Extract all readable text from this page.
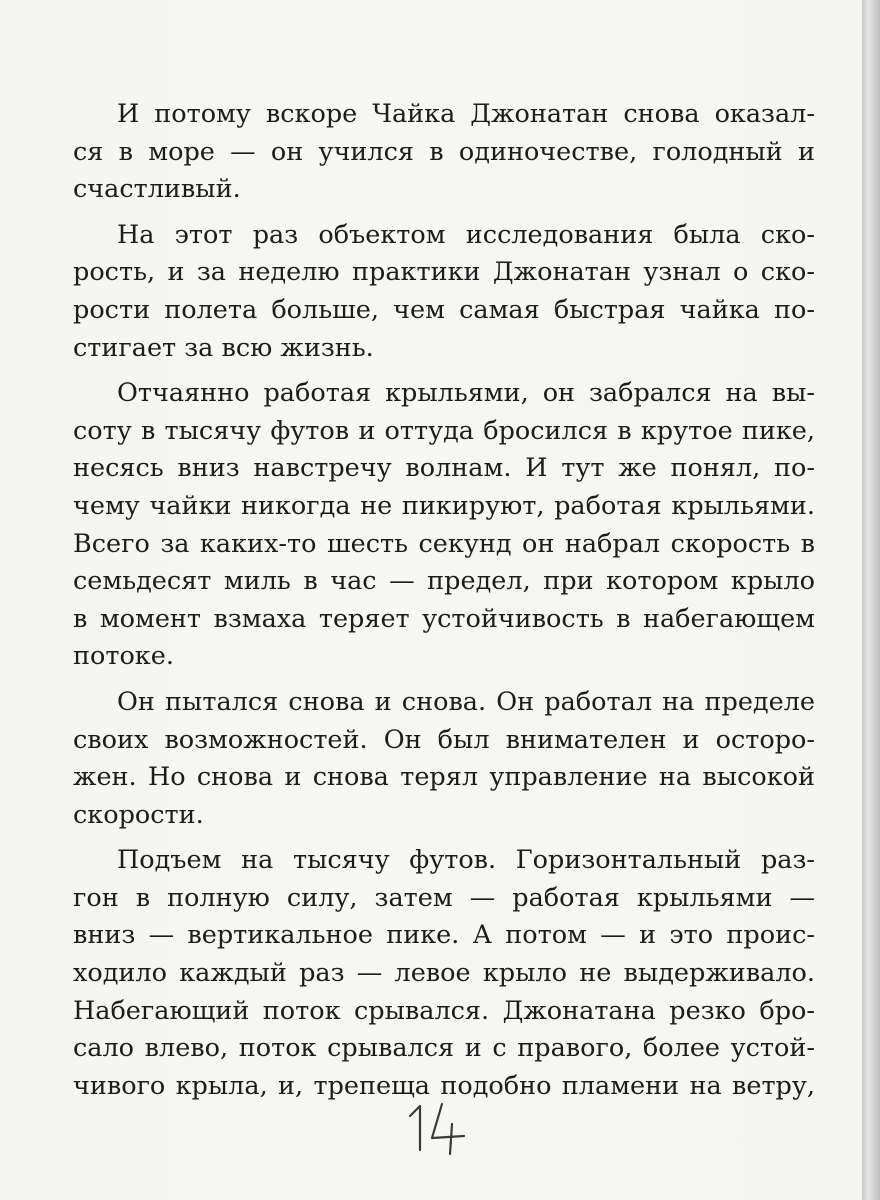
И потому вскоре Чайка Джонатан снова оказал-
ся в море — он учился в одиночестве, голодный и
счастливый.

На этот раз объектом исследования была ско-
рость, и за неделю практики Джонатан узнал о ско-
рости полета больше, чем самая быстрая чайка по-
стигает за всю жизнь.

Отчаянно работая крыльями, он забрался на вы-
соту в тысячу футов и оттуда бросился в крутое пике,
несясь вниз навстречу волнам. И тут же понял, по-
чему чайки никогда не пикируют, работая крыльями.
Всего за каких-то шесть секунд он набрал скорость в
семьдесят миль в час — предел, при котором крыло
в момент взмаха теряет устойчивость в набегающем
потоке.

Он пытался снова и снова. Он работал на пределе
своих возможностей. Он был внимателен и осторо-
жен. Но снова и снова терял управление на высокой
скорости.

Подъем на тысячу футов. Горизонтальный раз-
гон в полную силу, затем — работая крыльями —
вниз — вертикальное пике. А потом — и это проис-
ходило каждый раз — левое крыло не выдерживало.
Набегающий поток срывался. Джонатана резко бро-
сало влево, поток срывался и с правого, более устой-
чивого крыла, и, трепеща подобно пламени на ветру,
